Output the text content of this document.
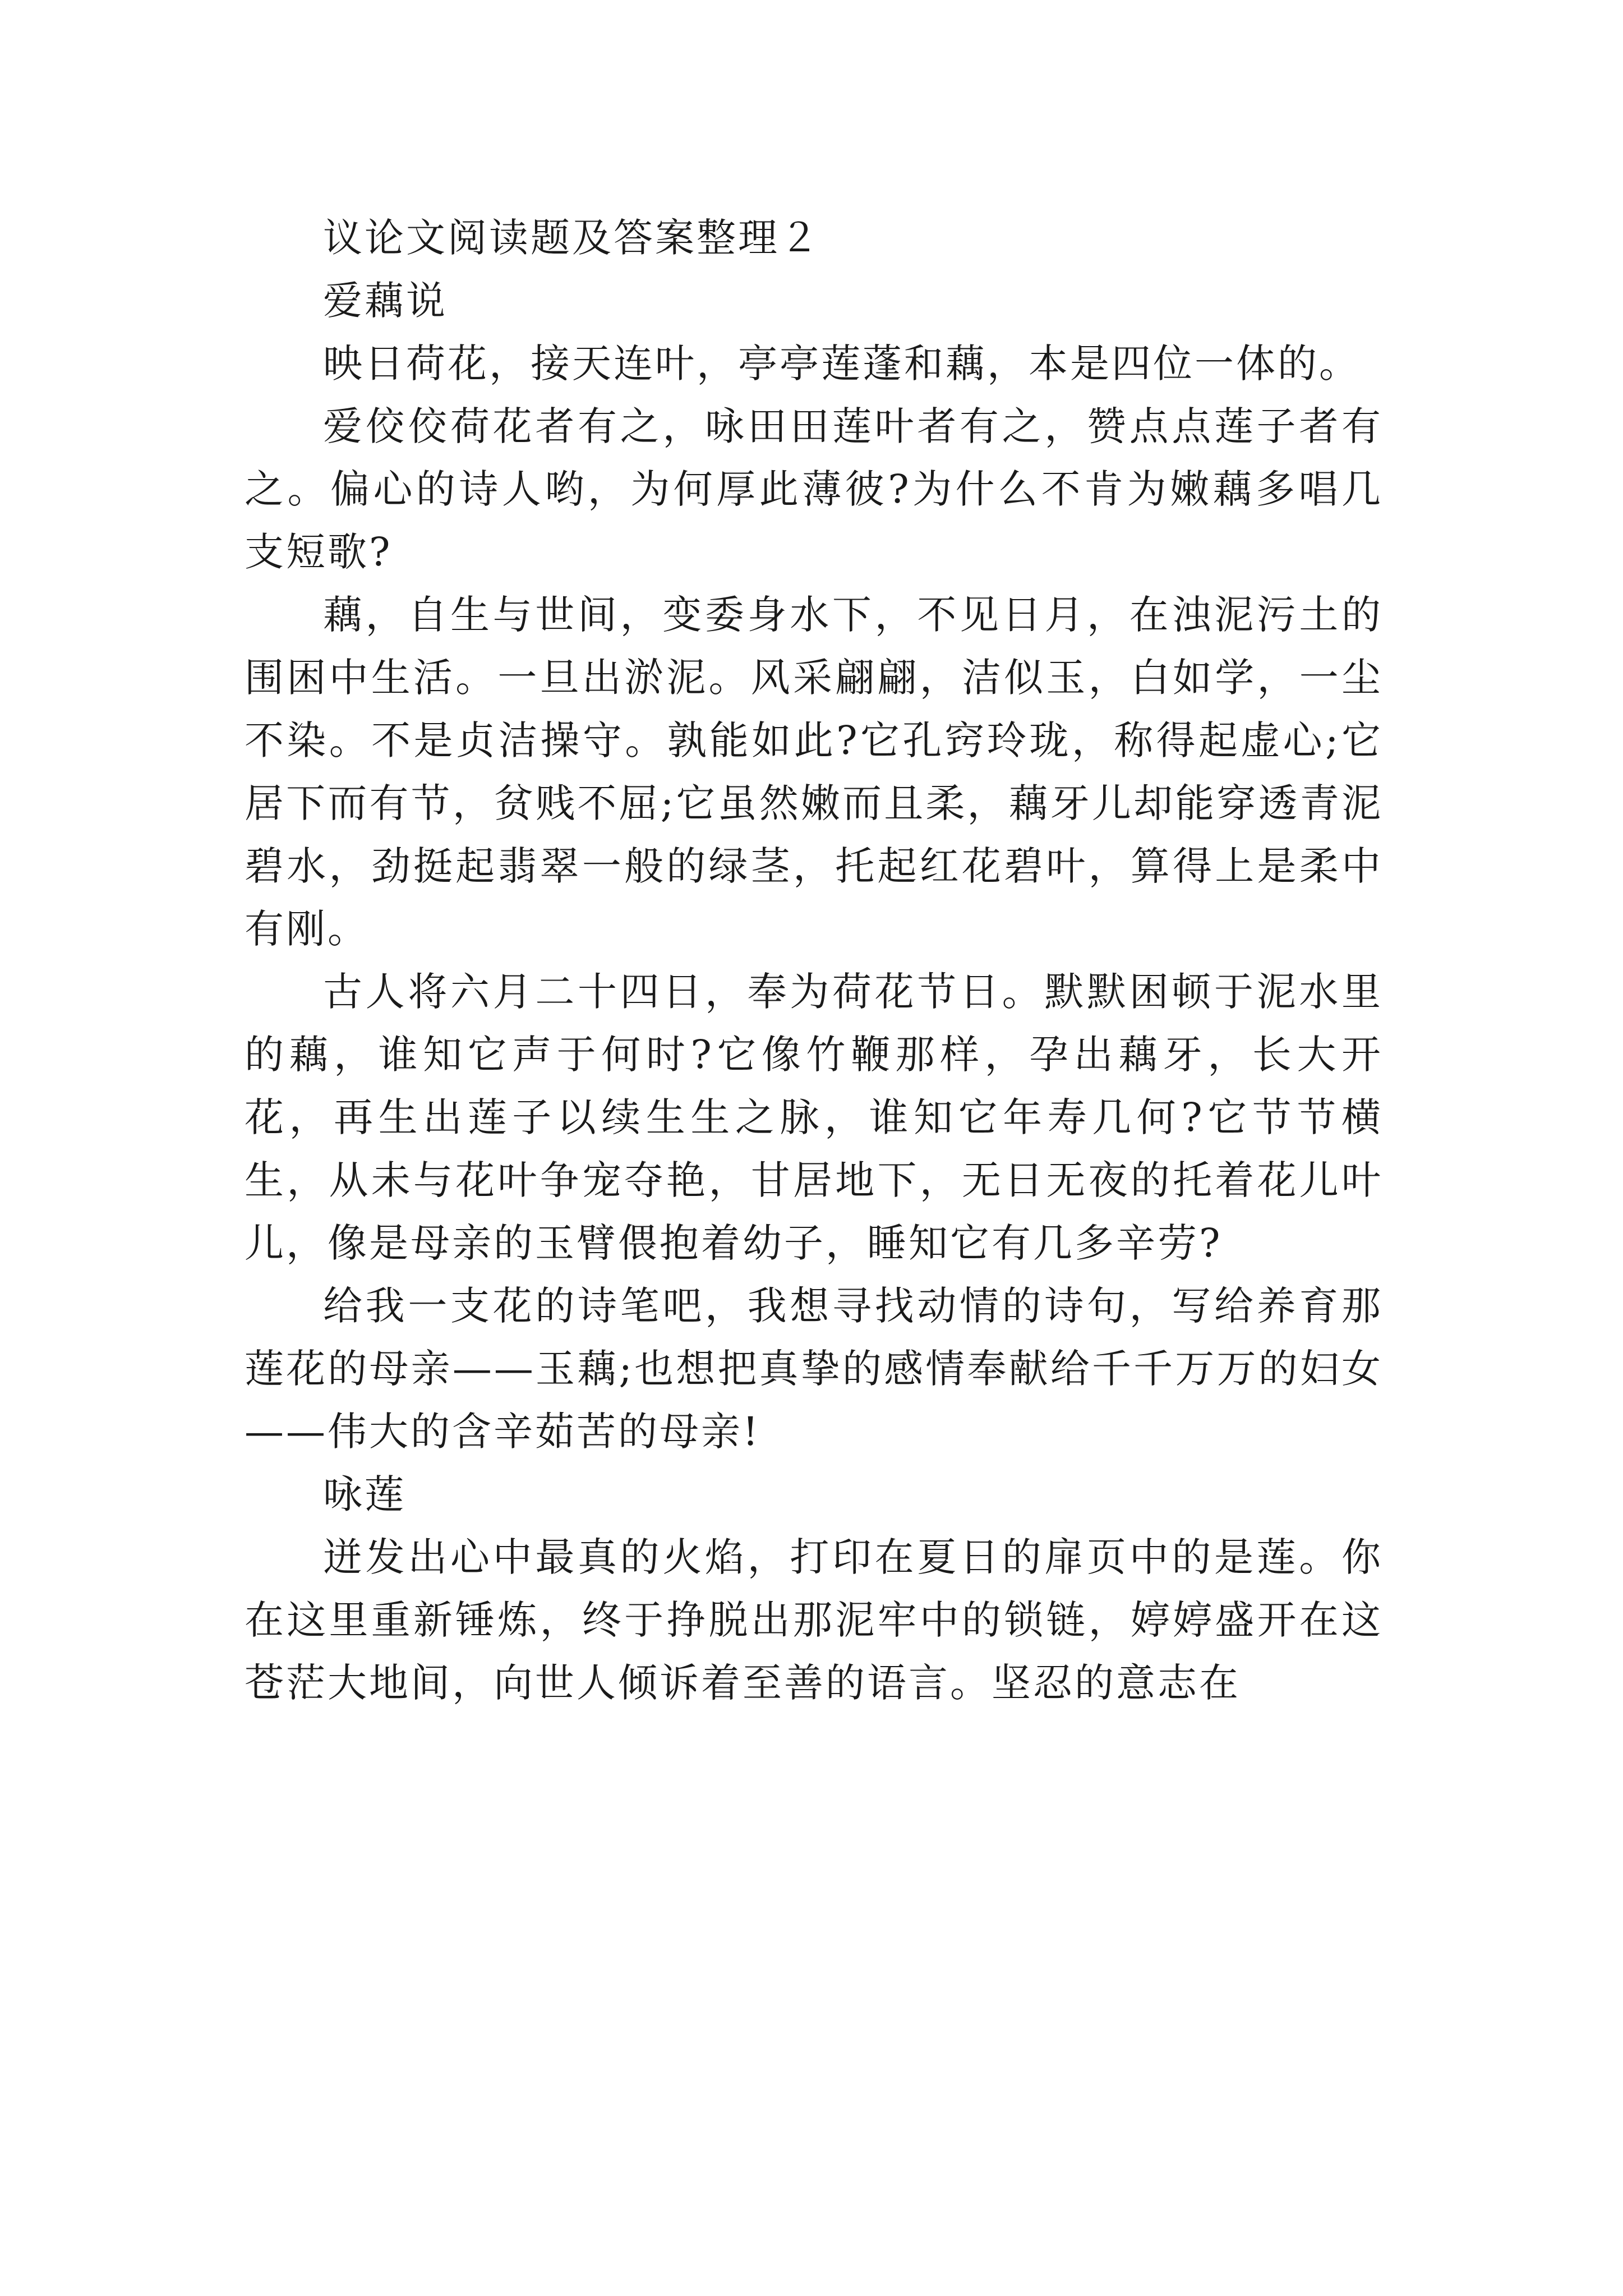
议论文阅读题及答案整理２

爱藕说

映日荷花，接天连叶，亭亭莲蓬和藕，本是四位一体的。

爱佼佼荷花者有之，咏田田莲叶者有之，赞点点莲子者有之。偏心的诗人哟，为何厚此薄彼?为什么不肯为嫩藕多唱几支短歌?

藕，自生与世间，变委身水下，不见日月，在浊泥污土的围困中生活。一旦出淤泥。风采翩翩，洁似玉，白如学，一尘不染。不是贞洁操守。孰能如此?它孔窍玲珑，称得起虚心;它居下而有节，贫贱不屈;它虽然嫩而且柔，藕牙儿却能穿透青泥碧水，劲挺起翡翠一般的绿茎，托起红花碧叶，算得上是柔中有刚。

古人将六月二十四日，奉为荷花节日。默默困顿于泥水里的藕，谁知它声于何时?它像竹鞭那样，孕出藕牙，长大开花，再生出莲子以续生生之脉，谁知它年寿几何?它节节横生，从未与花叶争宠夺艳，甘居地下，无日无夜的托着花儿叶儿，像是母亲的玉臂偎抱着幼子，睡知它有几多辛劳?

给我一支花的诗笔吧，我想寻找动情的诗句，写给养育那莲花的母亲——玉藕;也想把真挚的感情奉献给千千万万的妇女——伟大的含辛茹苦的母亲!

咏莲

迸发出心中最真的火焰，打印在夏日的扉页中的是莲。你在这里重新锤炼，终于挣脱出那泥牢中的锁链，婷婷盛开在这苍茫大地间，向世人倾诉着至善的语言。坚忍的意志在
